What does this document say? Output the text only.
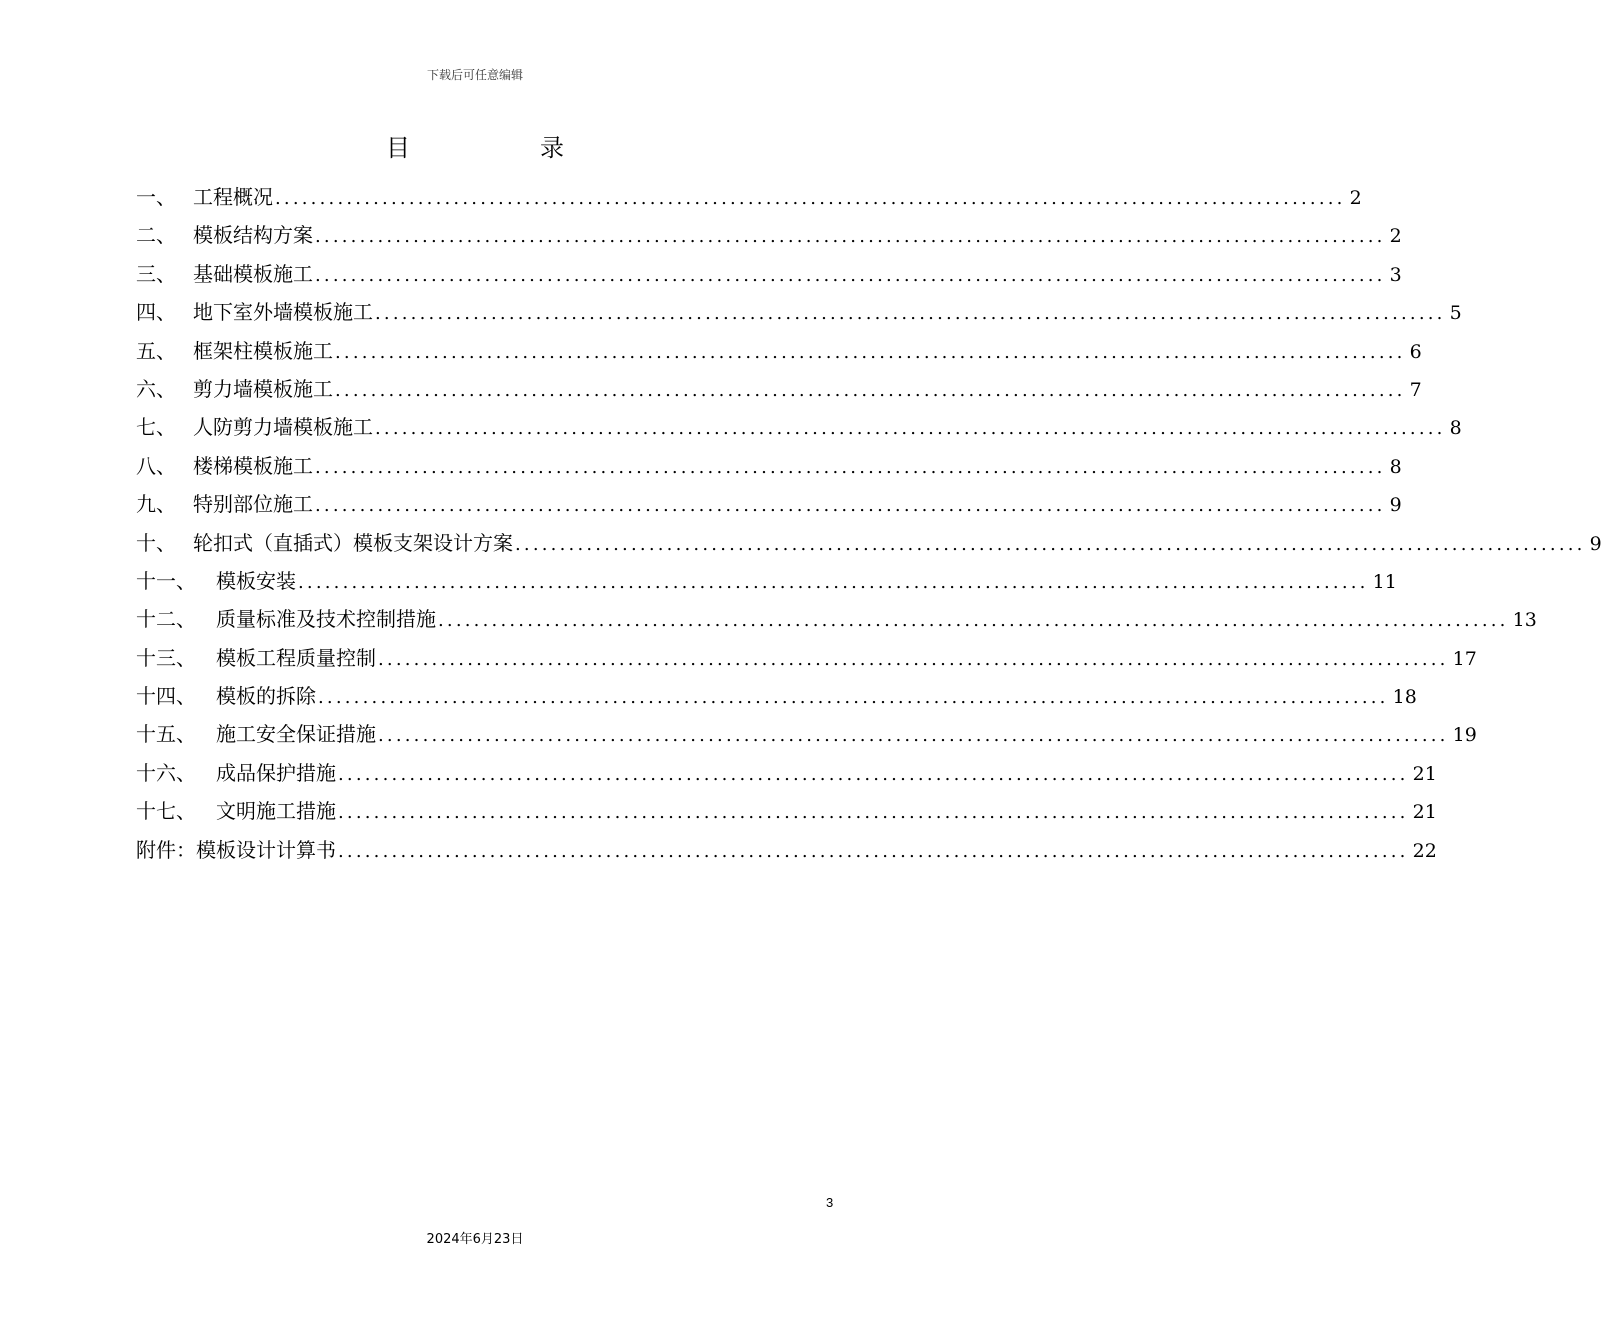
下载后可任意编辑
目	录
一、 工程概况 ........................................................................................................................ 2
二、 模板结构方案 ........................................................................................................................ 2
三、 基础模板施工 ........................................................................................................................ 3
四、 地下室外墙模板施工 ........................................................................................................................ 5
五、 框架柱模板施工 ........................................................................................................................ 6
六、 剪力墙模板施工 ........................................................................................................................ 7
七、 人防剪力墙模板施工 ........................................................................................................................ 8
八、 楼梯模板施工 ........................................................................................................................ 8
九、 特别部位施工 ........................................................................................................................ 9
十、 轮扣式（直插式）模板支架设计方案 ........................................................................................................................ 9
十一、	模板安装 ........................................................................................................................ 11
十二、	质量标准及技术控制措施 ........................................................................................................................ 13
十三、	模板工程质量控制 ........................................................................................................................ 17
十四、	模板的拆除 ........................................................................................................................ 18
十五、	施工安全保证措施 ........................................................................................................................ 19
十六、	成品保护措施 ........................................................................................................................ 21
十七、	文明施工措施 ........................................................................................................................ 21
附件： 模板设计计算书 ........................................................................................................................ 22
3
2024年6月23日
